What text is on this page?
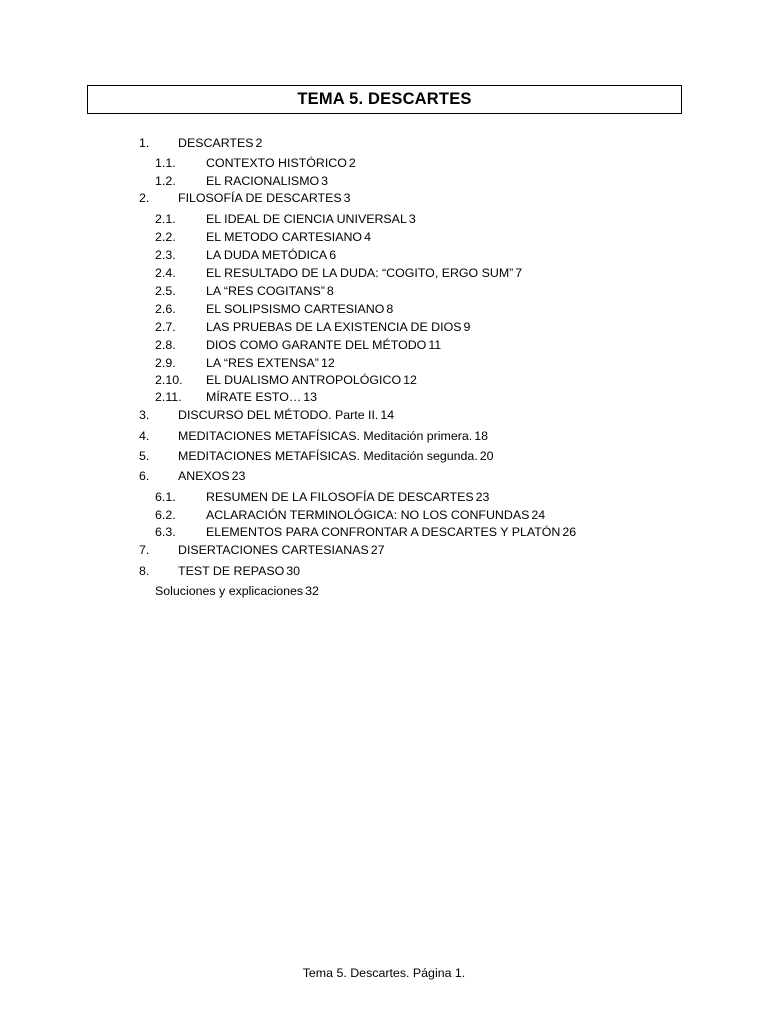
TEMA 5. DESCARTES
1. DESCARTES 2
1.1. CONTEXTO HISTÓRICO 2
1.2. EL RACIONALISMO 3
2. FILOSOFÍA DE DESCARTES 3
2.1. EL IDEAL DE CIENCIA UNIVERSAL 3
2.2. EL METODO CARTESIANO 4
2.3. LA DUDA METÓDICA 6
2.4. EL RESULTADO DE LA DUDA: “COGITO, ERGO SUM” 7
2.5. LA “RES COGITANS” 8
2.6. EL SOLIPSISMO CARTESIANO 8
2.7. LAS PRUEBAS DE LA EXISTENCIA DE DIOS 9
2.8. DIOS COMO GARANTE DEL MÉTODO 11
2.9. LA “RES EXTENSA” 12
2.10. EL DUALISMO ANTROPOLÓGICO 12
2.11. MÍRATE ESTO… 13
3. DISCURSO DEL MÉTODO. Parte II. 14
4. MEDITACIONES METAFÍSICAS. Meditación primera. 18
5. MEDITACIONES METAFÍSICAS. Meditación segunda. 20
6. ANEXOS 23
6.1. RESUMEN DE LA FILOSOFÍA DE DESCARTES 23
6.2. ACLARACIÓN TERMINOLÓGICA: NO LOS CONFUNDAS 24
6.3. ELEMENTOS PARA CONFRONTAR A DESCARTES Y PLATÓN 26
7. DISERTACIONES CARTESIANAS 27
8. TEST DE REPASO 30
Soluciones y explicaciones 32
Tema 5. Descartes. Página 1.
